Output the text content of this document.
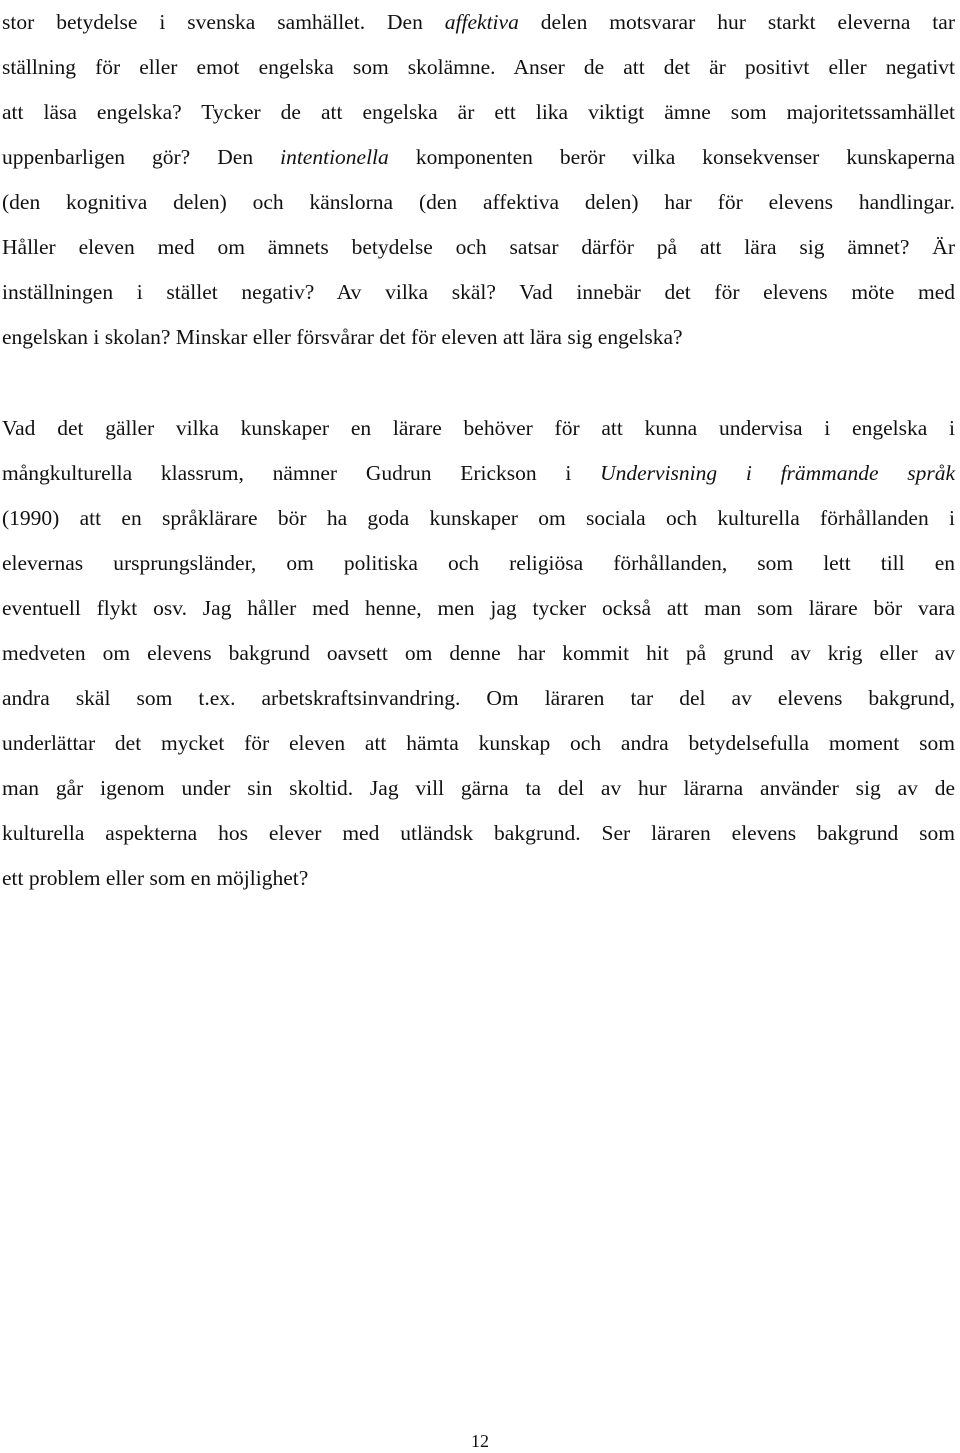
stor betydelse i svenska samhället. Den affektiva delen motsvarar hur starkt eleverna tar
ställning för eller emot engelska som skolämne. Anser de att det är positivt eller negativt
att läsa engelska? Tycker de att engelska är ett lika viktigt ämne som majoritetssamhället
uppenbarligen gör? Den intentionella komponenten berör vilka konsekvenser kunskaperna
(den kognitiva delen) och känslorna (den affektiva delen) har för elevens handlingar.
Håller eleven med om ämnets betydelse och satsar därför på att lära sig ämnet? Är
inställningen i stället negativ? Av vilka skäl? Vad innebär det för elevens möte med
engelskan i skolan? Minskar eller försvårar det för eleven att lära sig engelska?
Vad det gäller vilka kunskaper en lärare behöver för att kunna undervisa i engelska i
mångkulturella klassrum, nämner Gudrun Erickson i Undervisning i främmande språk
(1990) att en språklärare bör ha goda kunskaper om sociala och kulturella förhållanden i
elevernas ursprungsländer, om politiska och religiösa förhållanden, som lett till en
eventuell flykt osv. Jag håller med henne, men jag tycker också att man som lärare bör vara
medveten om elevens bakgrund oavsett om denne har kommit hit på grund av krig eller av
andra skäl som t.ex. arbetskraftsinvandring. Om läraren tar del av elevens bakgrund,
underlättar det mycket för eleven att hämta kunskap och andra betydelsefulla moment som
man går igenom under sin skoltid. Jag vill gärna ta del av hur lärarna använder sig av de
kulturella aspekterna hos elever med utländsk bakgrund. Ser läraren elevens bakgrund som
ett problem eller som en möjlighet?
12
